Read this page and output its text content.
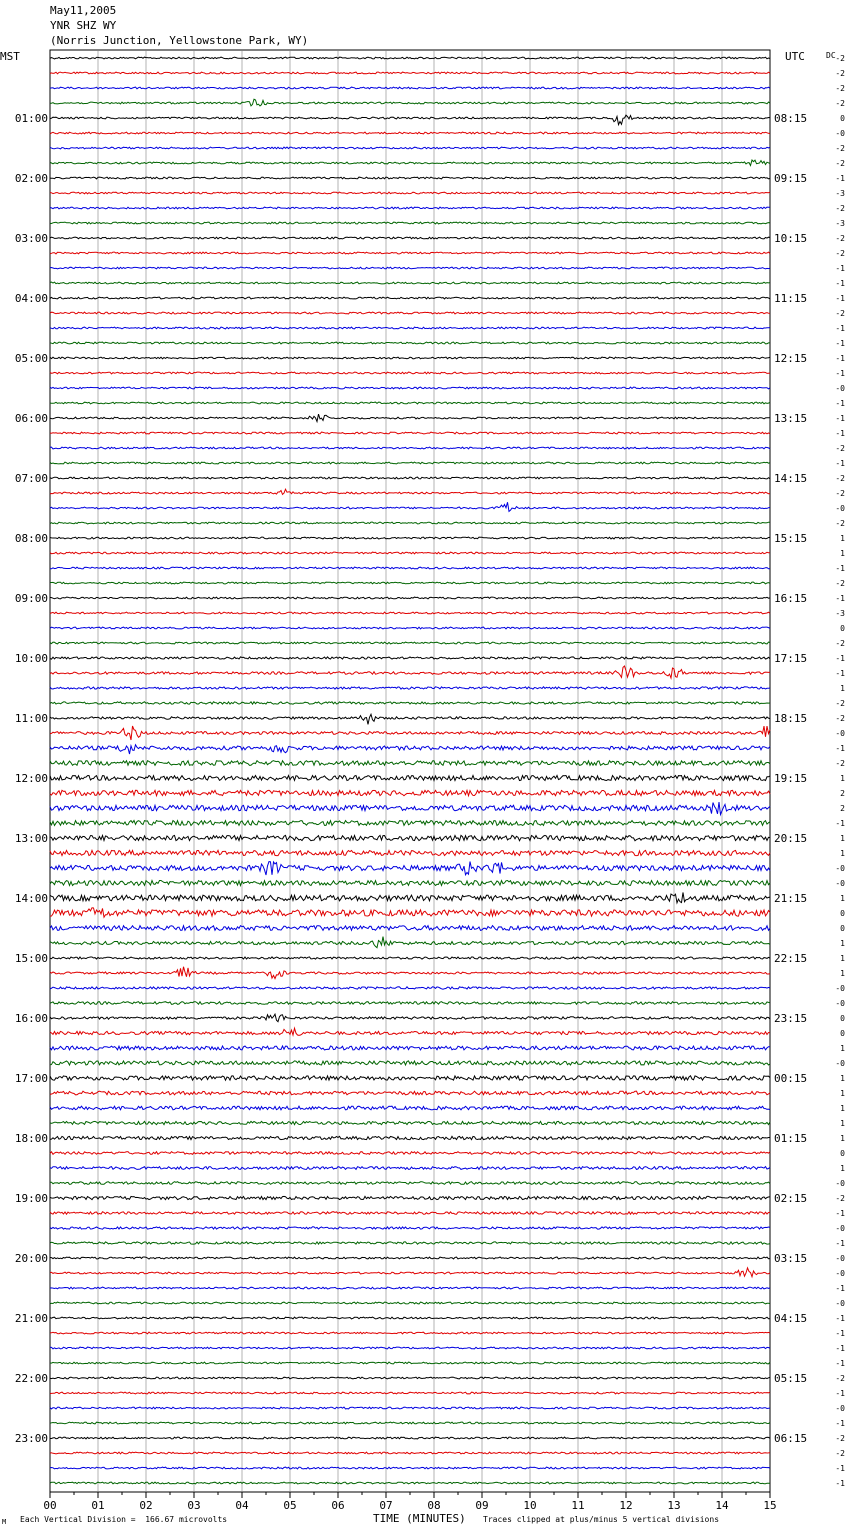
May11,2005
YNR SHZ WY
(Norris Junction, Yellowstone Park, WY)
MST	UTC	DC
00	01	02	03	04	05	06	07	08	09	10	11	12	13	14	15
-2
-2
-2
-2
0
-0
-2
-2
-1
-3
-2
-3
-2
-2
-1
-1
-1
-2
-1
-1
-1
-1
-0
-1
-1
-1
-2
-1
-2
-2
-0
-2
1
1
-1
-2
-1
-3
0
-2
-1
-1
1
-2
-2
-0
-1
-2
1
2
2
-1
1
1
-0
-0
1
0
0
1
1
1
-0
-0
0
0
1
-0
1
1
1
1
1
0
1
-0
-2
-1
-0
-1
-0
-0
-1
-0
-1
-1
-1
-1
-2
-1
-0
-1
-2
-2
-1
-1
01:00
02:00
03:00
04:00
05:00
06:00
07:00
08:00
09:00
10:00
11:00
12:00
13:00
14:00
15:00
16:00
17:00
18:00
19:00
20:00
21:00
22:00
23:00
08:15
09:15
10:15
11:15
12:15
13:15
14:15
15:15
16:15
17:15
18:15
19:15
20:15
21:15
22:15
23:15
00:15
01:15
02:15
03:15
04:15
05:15
06:15
Each Vertical Division =  166.67 microvolts	TIME (MINUTES) Traces clipped at plus/minus 5 vertical divisions
M
